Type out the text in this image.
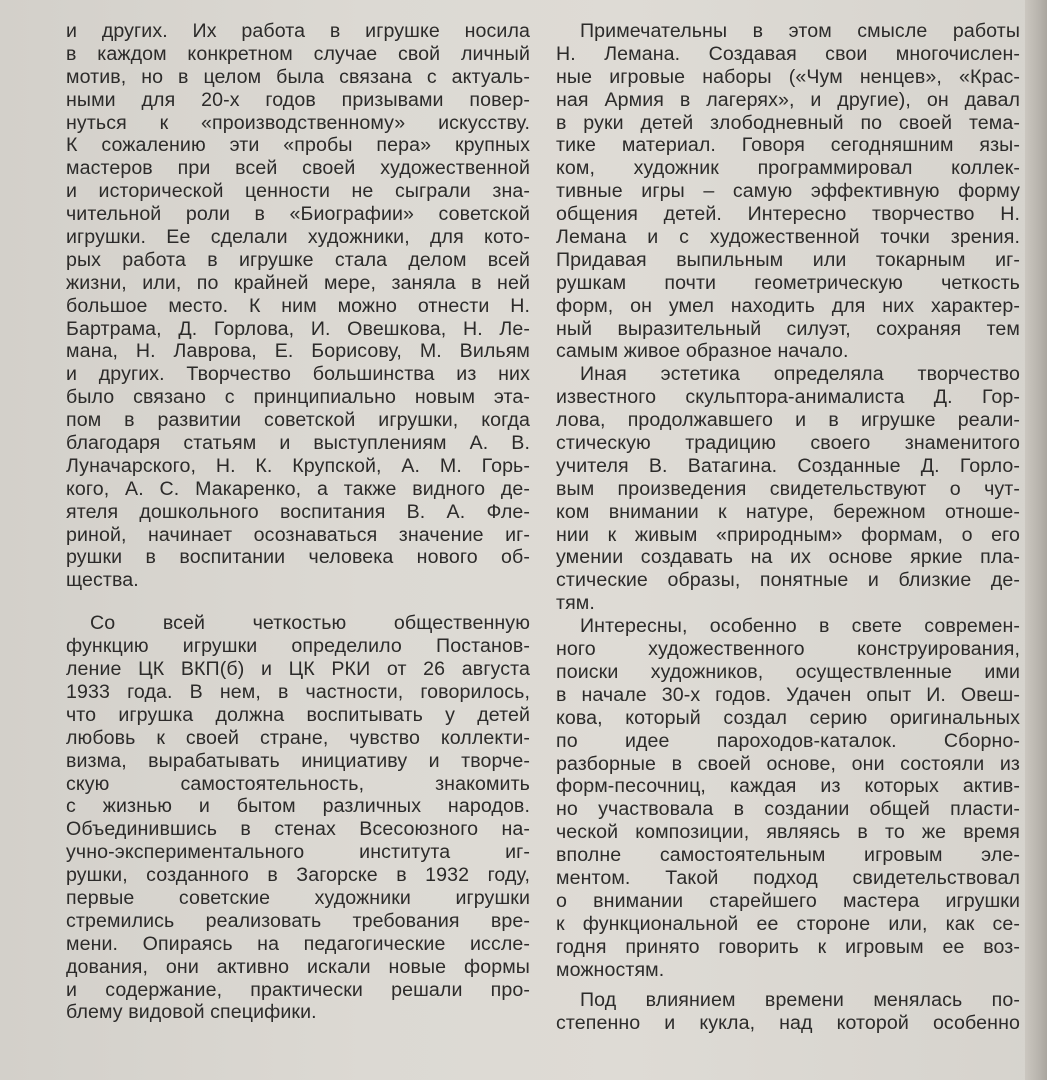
и других. Их работа в игрушке носила
в каждом конкретном случае свой личный
мотив, но в целом была связана с актуаль-
ными для 20-х годов призывами повер-
нуться к «производственному» искусству.
К сожалению эти «пробы пера» крупных
мастеров при всей своей художественной
и исторической ценности не сыграли зна-
чительной роли в «Биографии» советской
игрушки. Ее сделали художники, для кото-
рых работа в игрушке стала делом всей
жизни, или, по крайней мере, заняла в ней
большое место. К ним можно отнести Н.
Бартрама, Д. Горлова, И. Овешкова, Н. Ле-
мана, Н. Лаврова, Е. Борисову, М. Вильям
и других. Творчество большинства из них
было связано с принципиально новым эта-
пом в развитии советской игрушки, когда
благодаря статьям и выступлениям А. В.
Луначарского, Н. К. Крупской, А. М. Горь-
кого, А. С. Макаренко, а также видного де-
ятеля дошкольного воспитания В. А. Фле-
риной, начинает осознаваться значение иг-
рушки в воспитании человека нового об-
щества.
Со всей четкостью общественную
функцию игрушки определило Постанов-
ление ЦК ВКП(б) и ЦК РКИ от 26 августа
1933 года. В нем, в частности, говорилось,
что игрушка должна воспитывать у детей
любовь к своей стране, чувство коллекти-
визма, вырабатывать инициативу и творче-
скую самостоятельность, знакомить
с жизнью и бытом различных народов.
Объединившись в стенах Всесоюзного на-
учно-экспериментального института иг-
рушки, созданного в Загорске в 1932 году,
первые советские художники игрушки
стремились реализовать требования вре-
мени. Опираясь на педагогические иссле-
дования, они активно искали новые формы
и содержание, практически решали про-
блему видовой специфики.
Примечательны в этом смысле работы
Н. Лемана. Создавая свои многочислен-
ные игровые наборы («Чум ненцев», «Крас-
ная Армия в лагерях», и другие), он давал
в руки детей злободневный по своей тема-
тике материал. Говоря сегодняшним язы-
ком, художник программировал коллек-
тивные игры – самую эффективную форму
общения детей. Интересно творчество Н.
Лемана и с художественной точки зрения.
Придавая выпильным или токарным иг-
рушкам почти геометрическую четкость
форм, он умел находить для них характер-
ный выразительный силуэт, сохраняя тем
самым живое образное начало.
Иная эстетика определяла творчество
известного скульптора-анималиста Д. Гор-
лова, продолжавшего и в игрушке реали-
стическую традицию своего знаменитого
учителя В. Ватагина. Созданные Д. Горло-
вым произведения свидетельствуют о чут-
ком внимании к натуре, бережном отноше-
нии к живым «природным» формам, о его
умении создавать на их основе яркие пла-
стические образы, понятные и близкие де-
тям.
Интересны, особенно в свете современ-
ного художественного конструирования,
поиски художников, осуществленные ими
в начале 30-х годов. Удачен опыт И. Овеш-
кова, который создал серию оригинальных
по идее пароходов-каталок. Сборно-
разборные в своей основе, они состояли из
форм-песочниц, каждая из которых актив-
но участвовала в создании общей пласти-
ческой композиции, являясь в то же время
вполне самостоятельным игровым эле-
ментом. Такой подход свидетельствовал
о внимании старейшего мастера игрушки
к функциональной ее стороне или, как се-
годня принято говорить к игровым ее воз-
можностям.
Под влиянием времени менялась по-
степенно и кукла, над которой особенно
